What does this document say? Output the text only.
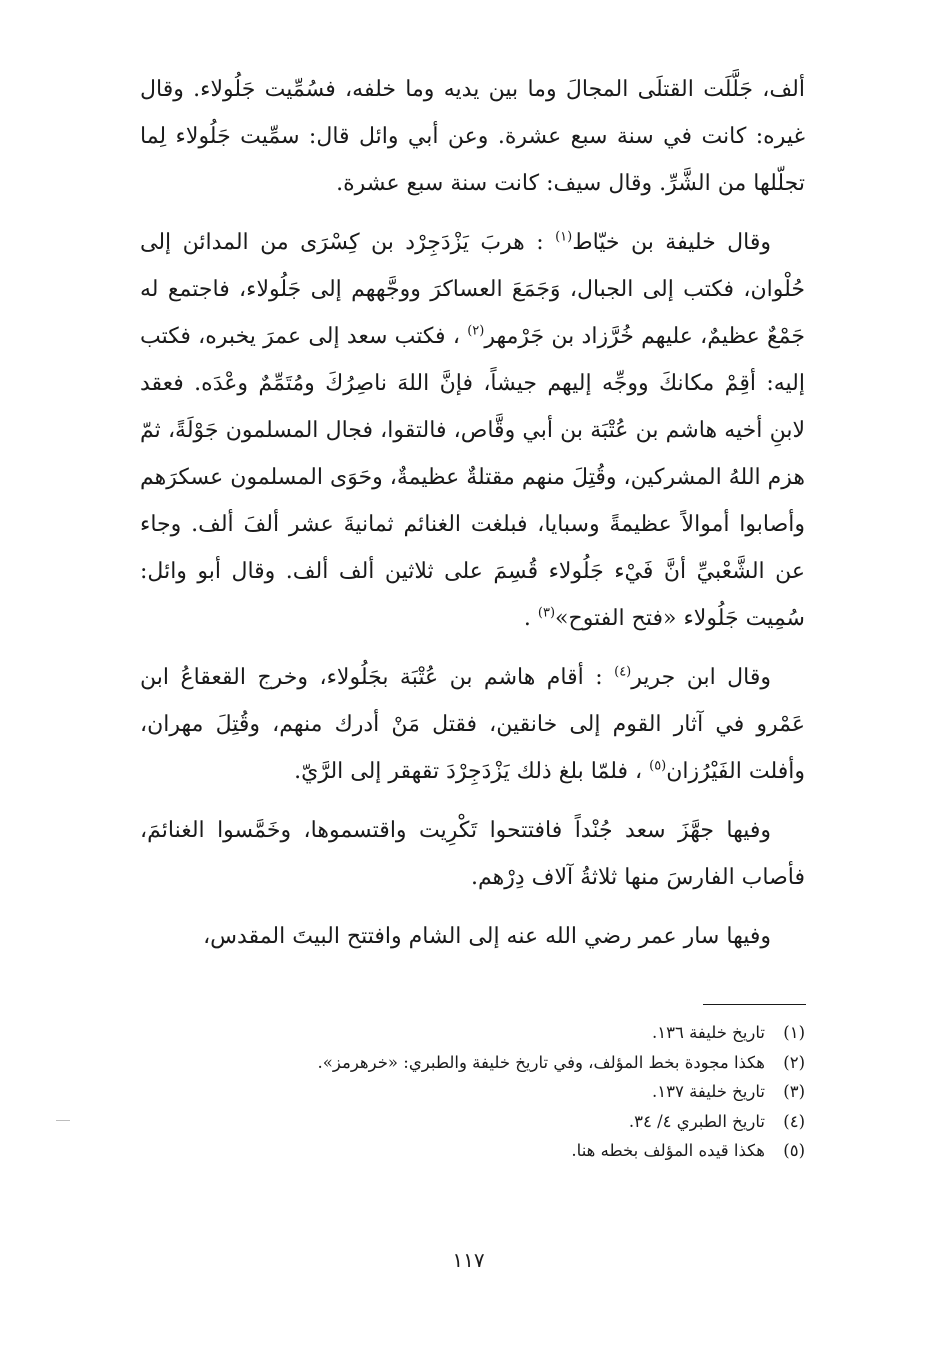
ألف، جَلَّلَت القتلَى المجالَ وما بين يديه وما خلفه، فسُمِّيت جَلُولاء. وقال غيره: كانت في سنة سبع عشرة. وعن أبي وائل قال: سمِّيت جَلُولاء لِما تجلّلها من الشَّرِّ. وقال سيف: كانت سنة سبع عشرة.

وقال خليفة بن خيّاط$^{(١)}$ : هربَ يَزْدَجِرْد بن كِسْرَى من المدائن إلى حُلْوان، فكتب إلى الجبال، وَجَمَعَ العساكرَ ووجَّههم إلى جَلُولاء، فاجتمع له جَمْعٌ عظيمٌ، عليهم خُرَّزاد بن جَرْمهر$^{(٢)}$ ، فكتب سعد إلى عمرَ يخبره، فكتب إليه: أقِمْ مكانكَ ووجِّه إليهم جيشاً، فإنَّ اللهَ ناصِرُكَ ومُتَمِّمٌ وعْدَه. فعقد لابنِ أخيه هاشم بن عُتْبَة بن أبي وقَّاص، فالتقوا، فجال المسلمون جَوْلَةً، ثمّ هزم اللهُ المشركين، وقُتِلَ منهم مقتلةٌ عظيمةٌ، وحَوَى المسلمون عسكرَهم وأصابوا أموالاً عظيمةً وسبايا، فبلغت الغنائم ثمانيةَ عشر ألفَ ألف. وجاء عن الشَّعْبيِّ أنَّ فَيْء جَلُولاء قُسِمَ على ثلاثين ألف ألف. وقال أبو وائل: سُمِيت جَلُولاء «فتح الفتوح»$^{(٣)}$ .

وقال ابن جرير$^{(٤)}$ : أقام هاشم بن عُتْبَة بجَلُولاء، وخرج القعقاعُ ابن عَمْرو في آثار القوم إلى خانقين، فقتل مَنْ أدرك منهم، وقُتِلَ مهران، وأفلت الفَيْرُزان$^{(٥)}$ ، فلمّا بلغ ذلك يَزْدَجِرْدَ تقهقر إلى الرَّيّ.

وفيها جهَّزَ سعد جُنْداً فافتتحوا تَكْرِيت واقتسموها، وخَمَّسوا الغنائمَ، فأصاب الفارسَ منها ثلاثةُ آلاف دِرْهم.

وفيها سار عمر رضي الله عنه إلى الشام وافتتح البيتَ المقدس،

(١)تاريخ خليفة ١٣٦.
(٢)هكذا مجودة بخط المؤلف، وفي تاريخ خليفة والطبري: «خرهرمز».
(٣)تاريخ خليفة ١٣٧.
(٤)تاريخ الطبري ٤/ ٣٤.
(٥)هكذا قيده المؤلف بخطه هنا.
١١٧
